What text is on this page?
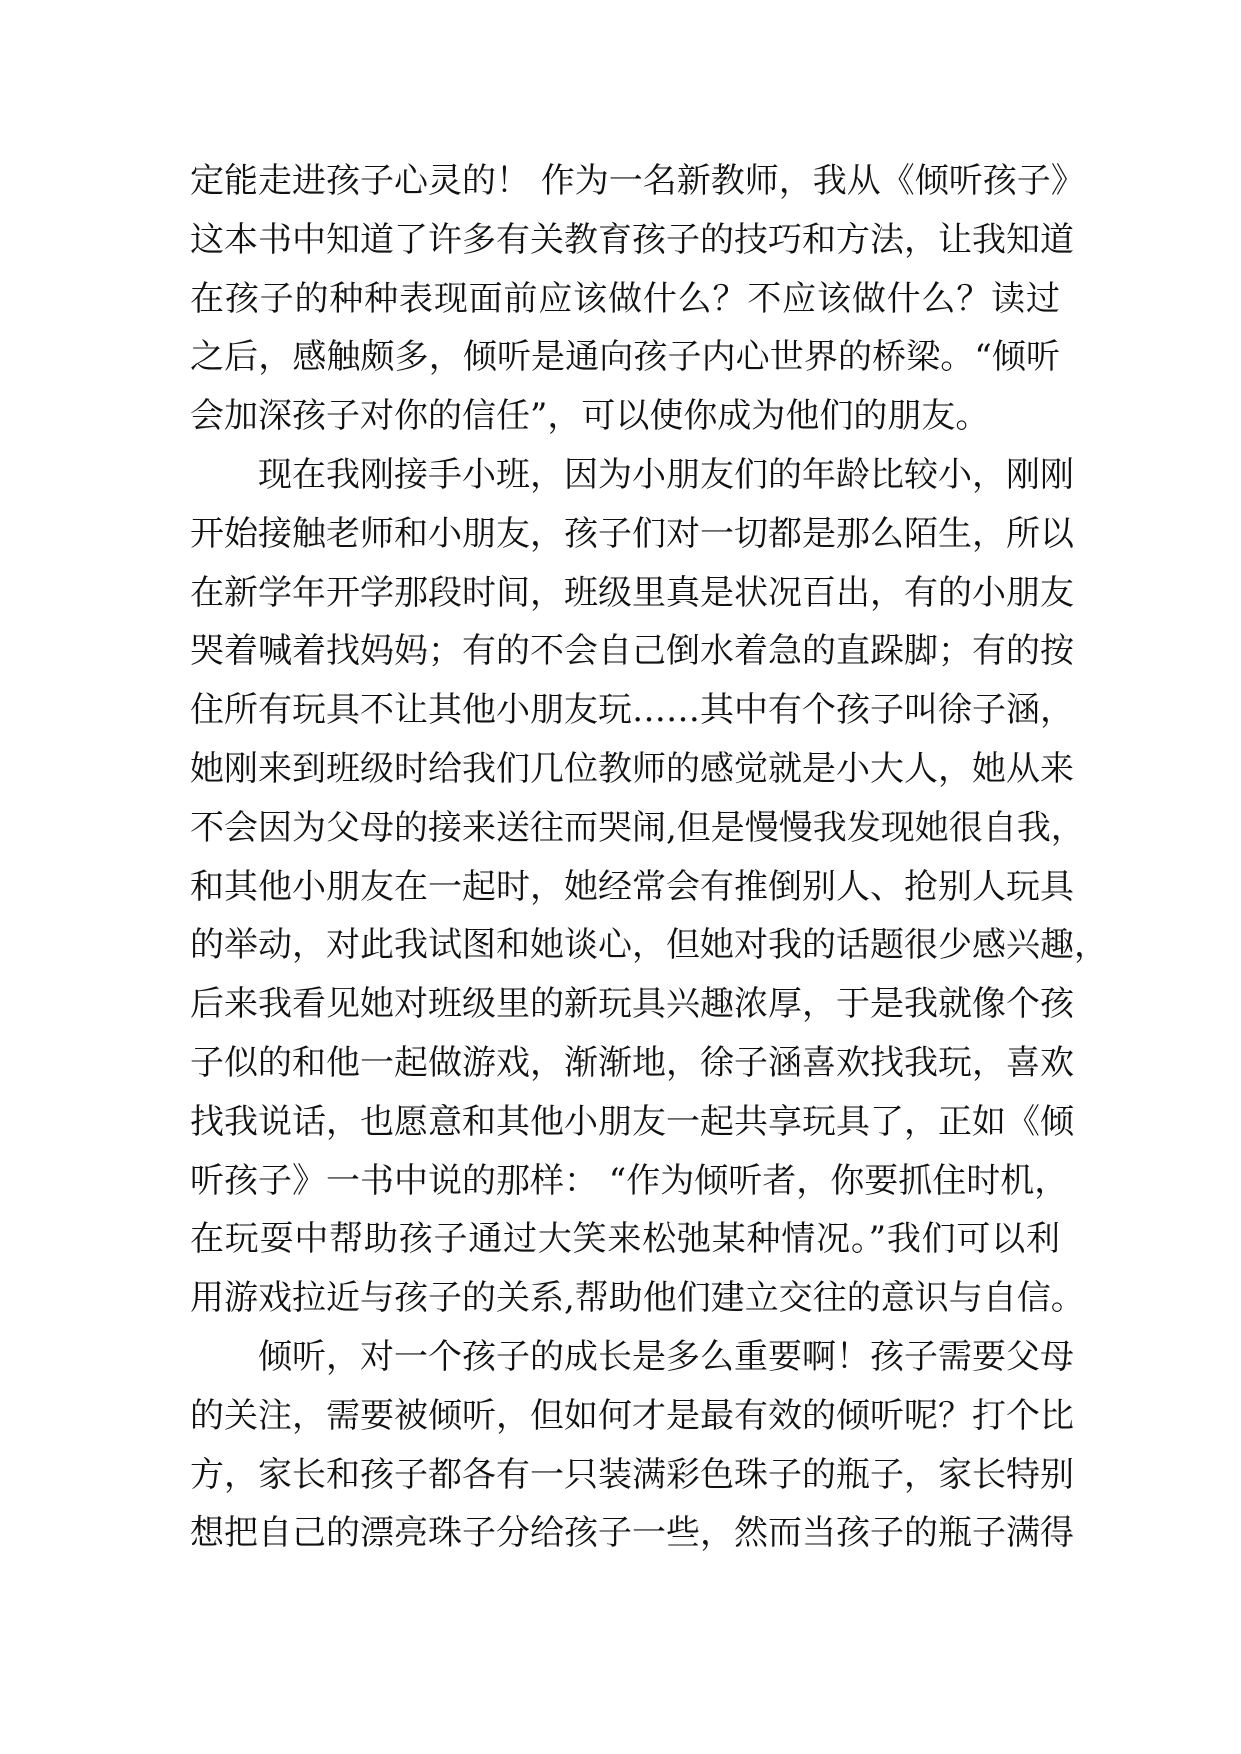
定能走进孩子心灵的！ 作为一名新教师，我从《倾听孩子》
这本书中知道了许多有关教育孩子的技巧和方法，让我知道
在孩子的种种表现面前应该做什么？不应该做什么？读过
之后，感触颇多，倾听是通向孩子内心世界的桥梁。“倾听
会加深孩子对你的信任”，可以使你成为他们的朋友。
现在我刚接手小班，因为小朋友们的年龄比较小，刚刚
开始接触老师和小朋友，孩子们对一切都是那么陌生，所以
在新学年开学那段时间，班级里真是状况百出，有的小朋友
哭着喊着找妈妈；有的不会自己倒水着急的直跺脚；有的按
住所有玩具不让其他小朋友玩……其中有个孩子叫徐子涵，
她刚来到班级时给我们几位教师的感觉就是小大人，她从来
不会因为父母的接来送往而哭闹,但是慢慢我发现她很自我，
和其他小朋友在一起时，她经常会有推倒别人、抢别人玩具
的举动，对此我试图和她谈心，但她对我的话题很少感兴趣，
后来我看见她对班级里的新玩具兴趣浓厚，于是我就像个孩
子似的和他一起做游戏，渐渐地，徐子涵喜欢找我玩，喜欢
找我说话，也愿意和其他小朋友一起共享玩具了，正如《倾
听孩子》一书中说的那样： “作为倾听者，你要抓住时机，
在玩耍中帮助孩子通过大笑来松弛某种情况。”我们可以利
用游戏拉近与孩子的关系,帮助他们建立交往的意识与自信。
倾听，对一个孩子的成长是多么重要啊！孩子需要父母
的关注，需要被倾听，但如何才是最有效的倾听呢？打个比
方，家长和孩子都各有一只装满彩色珠子的瓶子，家长特别
想把自己的漂亮珠子分给孩子一些，然而当孩子的瓶子满得
